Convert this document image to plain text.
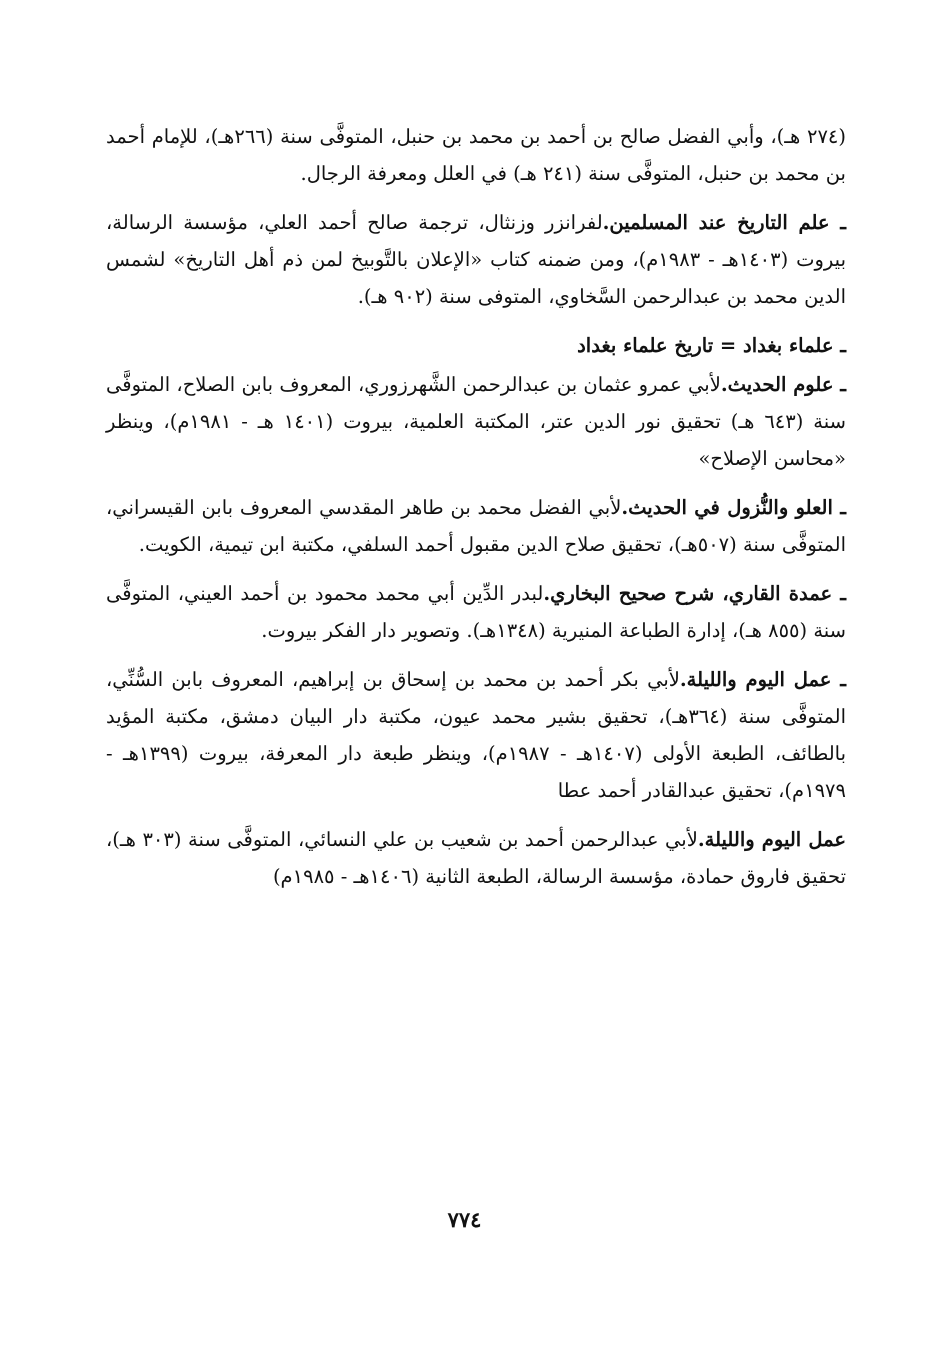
(٢٧٤ هـ)، وأبي الفضل صالح بن أحمد بن محمد بن حنبل، المتوفَّى سنة (٢٦٦هـ)، للإمام أحمد بن محمد بن حنبل، المتوفَّى سنة (٢٤١ هـ) في العلل ومعرفة الرجال.

ـ علم التاريخ عند المسلمين.لفرانزر وزنثال، ترجمة صالح أحمد العلي، مؤسسة الرسالة، بيروت (١٤٠٣هـ - ١٩٨٣م)، ومن ضمنه كتاب «الإعلان بالتَّوبيخ لمن ذم أهل التاريخ» لشمس الدين محمد بن عبدالرحمن السَّخاوي، المتوفى سنة (٩٠٢ هـ).

ـ علماء بغداد = تاريخ علماء بغداد

ـ علوم الحديث.لأبي عمرو عثمان بن عبدالرحمن الشَّهرزوري، المعروف بابن الصلاح، المتوفَّى سنة (٦٤٣ هـ) تحقيق نور الدين عتر، المكتبة العلمية، بيروت (١٤٠١ هـ - ١٩٨١م)، وينظر «محاسن الإصلاح»

ـ العلو والنُّزول في الحديث.لأبي الفضل محمد بن طاهر المقدسي المعروف بابن القيسراني، المتوفَّى سنة (٥٠٧هـ)، تحقيق صلاح الدين مقبول أحمد السلفي، مكتبة ابن تيمية، الكويت.

ـ عمدة القاري، شرح صحيح البخاري.لبدر الدِّين أبي محمد محمود بن أحمد العيني، المتوفَّى سنة (٨٥٥ هـ)، إدارة الطباعة المنيرية (١٣٤٨هـ). وتصوير دار الفكر بيروت.

ـ عمل اليوم والليلة.لأبي بكر أحمد بن محمد بن إسحاق بن إبراهيم، المعروف بابن السُّنِّي، المتوفَّى سنة (٣٦٤هـ)، تحقيق بشير محمد عيون، مكتبة دار البيان دمشق، مكتبة المؤيد بالطائف، الطبعة الأولى (١٤٠٧هـ - ١٩٨٧م)، وينظر طبعة دار المعرفة، بيروت (١٣٩٩هـ - ١٩٧٩م)، تحقيق عبدالقادر أحمد عطا

عمل اليوم والليلة.لأبي عبدالرحمن أحمد بن شعيب بن علي النسائي، المتوفَّى سنة (٣٠٣ هـ)، تحقيق فاروق حمادة، مؤسسة الرسالة، الطبعة الثانية (١٤٠٦هـ - ١٩٨٥م)

٧٧٤
